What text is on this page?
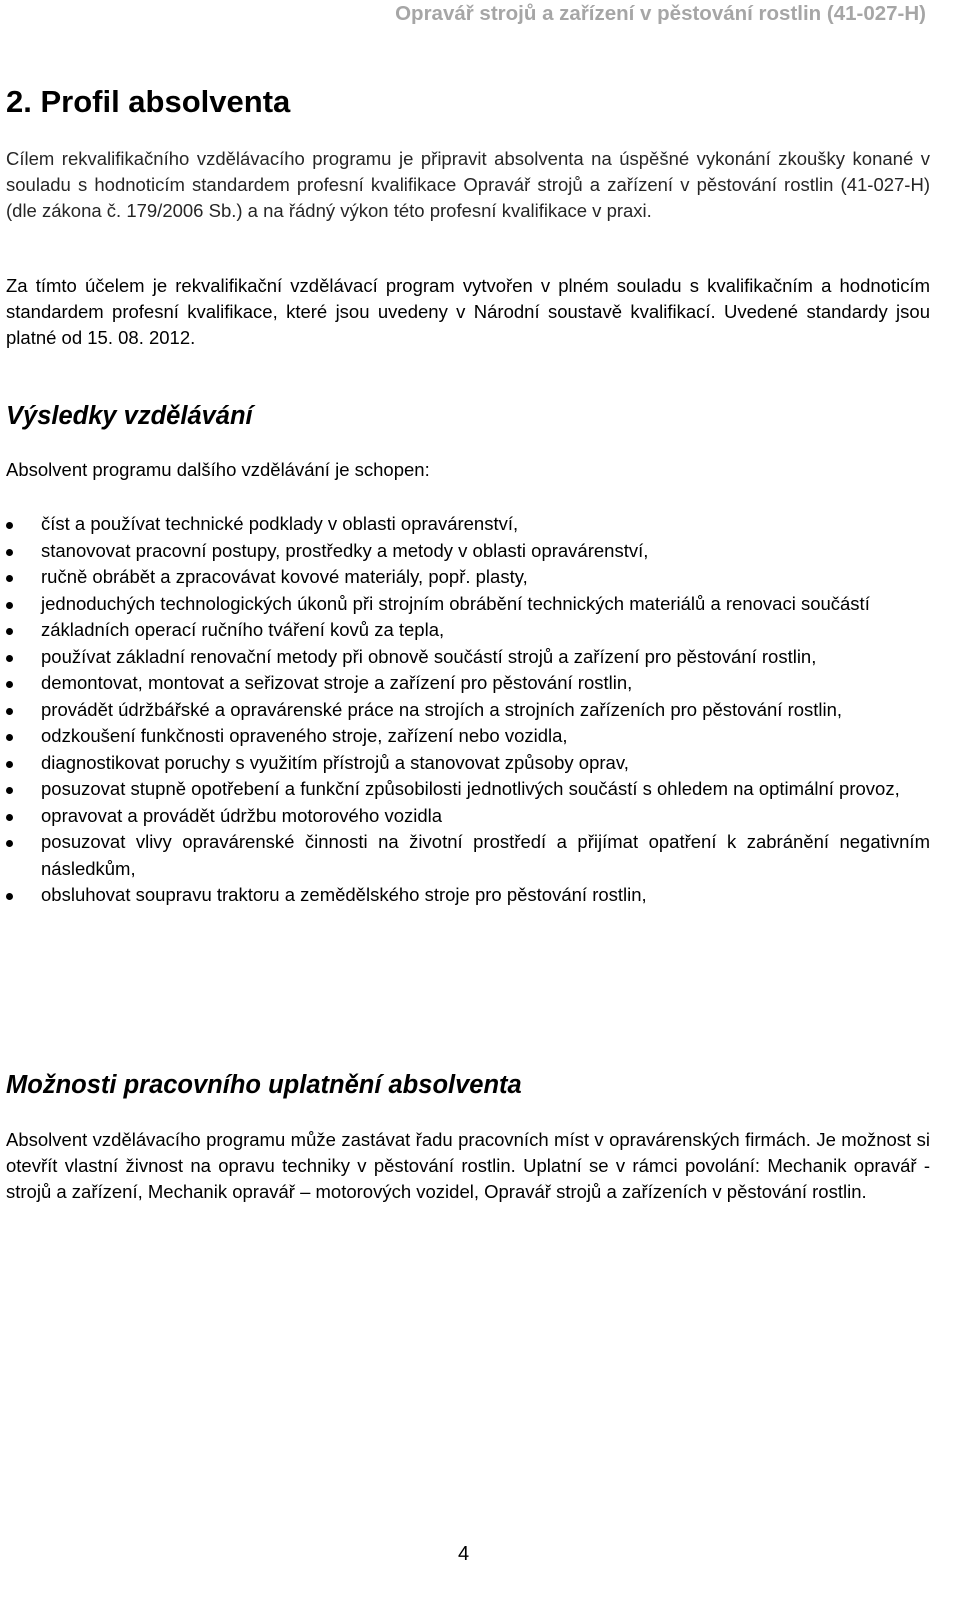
Opravář strojů a zařízení v pěstování rostlin (41-027-H)
2. Profil absolventa

Cílem rekvalifikačního vzdělávacího programu je připravit absolventa na úspěšné vykonání zkoušky konané v souladu s hodnoticím standardem profesní kvalifikace Opravář strojů a zařízení v pěstování rostlin (41-027-H) (dle zákona č. 179/2006 Sb.) a na řádný výkon této profesní kvalifikace v praxi.

Za tímto účelem je rekvalifikační vzdělávací program vytvořen v plném souladu s kvalifikačním a hodnoticím standardem profesní kvalifikace, které jsou uvedeny v Národní soustavě kvalifikací. Uvedené standardy jsou platné od 15. 08. 2012.

Výsledky vzdělávání

Absolvent programu dalšího vzdělávání je schopen:

číst a používat technické podklady v oblasti opravárenství,
stanovovat pracovní postupy, prostředky a metody v oblasti opravárenství,
ručně obrábět a zpracovávat kovové materiály, popř. plasty,
jednoduchých technologických úkonů při strojním obrábění technických materiálů a renovaci součástí
základních operací ručního tváření kovů za tepla,
používat základní renovační metody při obnově součástí strojů a zařízení pro pěstování rostlin,
demontovat, montovat a seřizovat stroje a zařízení pro pěstování rostlin,
provádět údržbářské a opravárenské práce na strojích a strojních zařízeních pro pěstování rostlin,
odzkoušení funkčnosti opraveného stroje, zařízení nebo vozidla,
diagnostikovat poruchy s využitím přístrojů a stanovovat způsoby oprav,
posuzovat stupně opotřebení a funkční způsobilosti jednotlivých součástí s ohledem na optimální provoz,
opravovat a provádět údržbu motorového vozidla
posuzovat vlivy opravárenské činnosti na životní prostředí a přijímat opatření k zabránění negativním následkům,
obsluhovat soupravu traktoru a zemědělského stroje pro pěstování rostlin,
Možnosti pracovního uplatnění absolventa

Absolvent vzdělávacího programu může zastávat řadu pracovních míst v opravárenských firmách. Je možnost si otevřít vlastní živnost na opravu techniky v pěstování rostlin. Uplatní se v rámci povolání: Mechanik opravář - strojů a zařízení, Mechanik opravář – motorových vozidel, Opravář strojů a zařízeních v pěstování rostlin.

4
